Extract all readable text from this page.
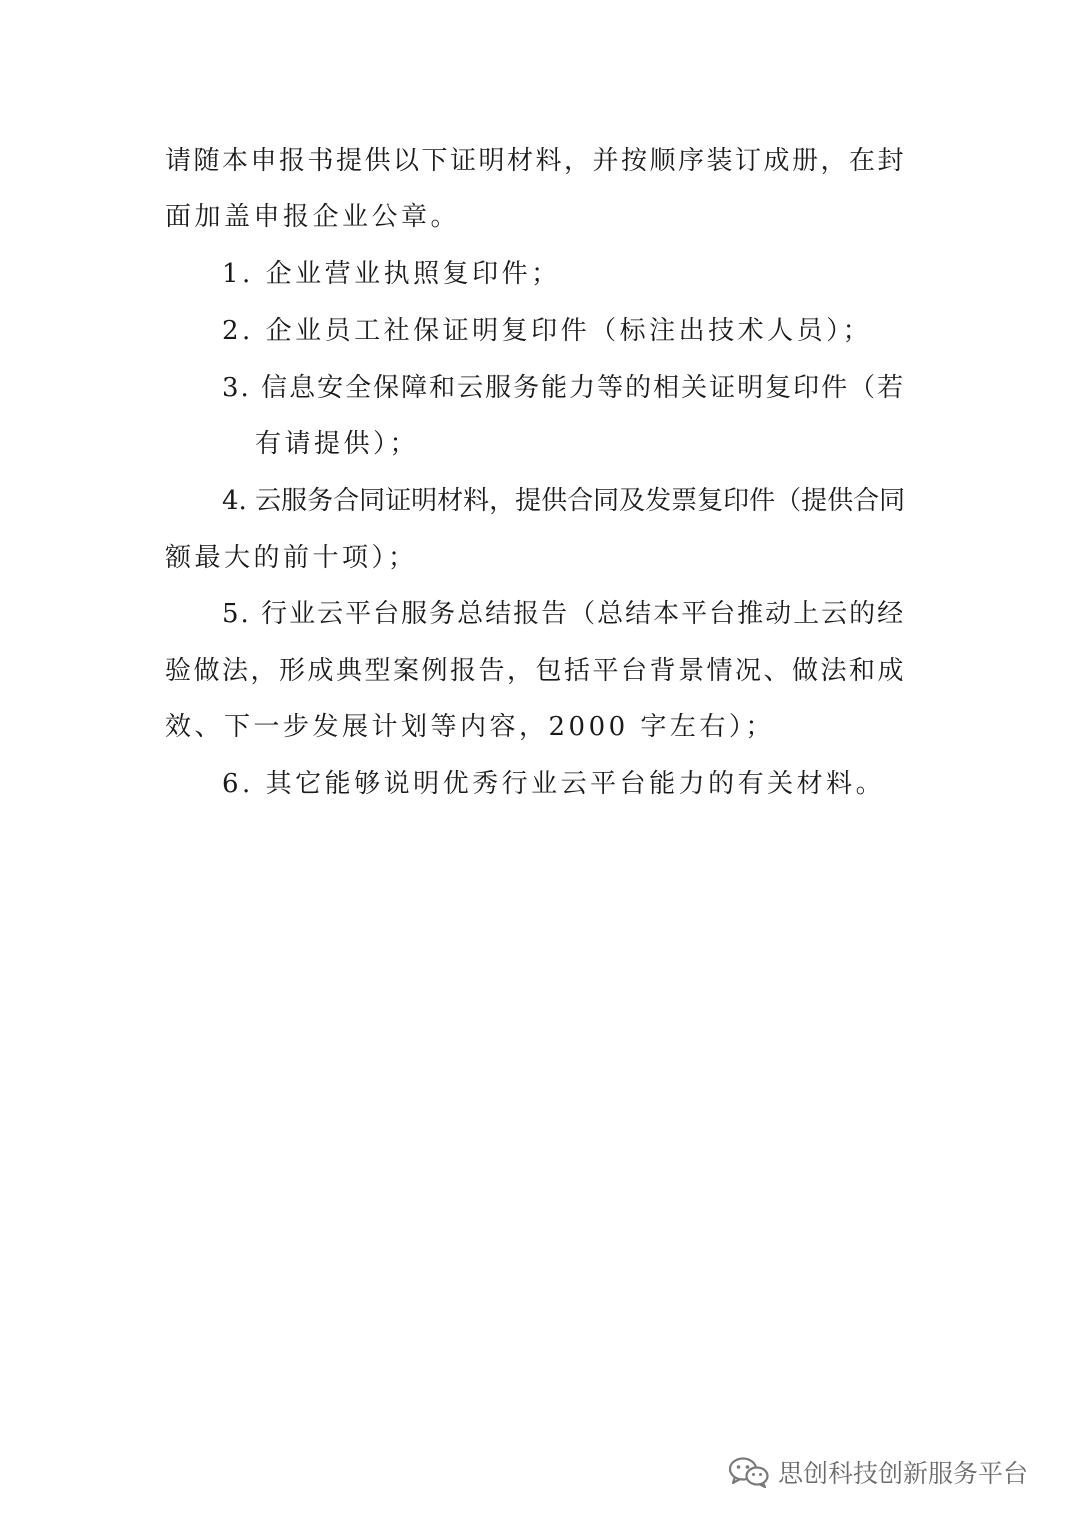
请随本申报书提供以下证明材料，并按顺序装订成册，在封
面加盖申报企业公章。
1. 企业营业执照复印件；
2. 企业员工社保证明复印件（标注出技术人员）；
3. 信息安全保障和云服务能力等的相关证明复印件（若
有请提供）；
4. 云服务合同证明材料，提供合同及发票复印件（提供合同
额最大的前十项）；
5. 行业云平台服务总结报告（总结本平台推动上云的经
验做法，形成典型案例报告，包括平台背景情况、做法和成
效、下一步发展计划等内容，2000 字左右）；
6. 其它能够说明优秀行业云平台能力的有关材料。
思创科技创新服务平台
